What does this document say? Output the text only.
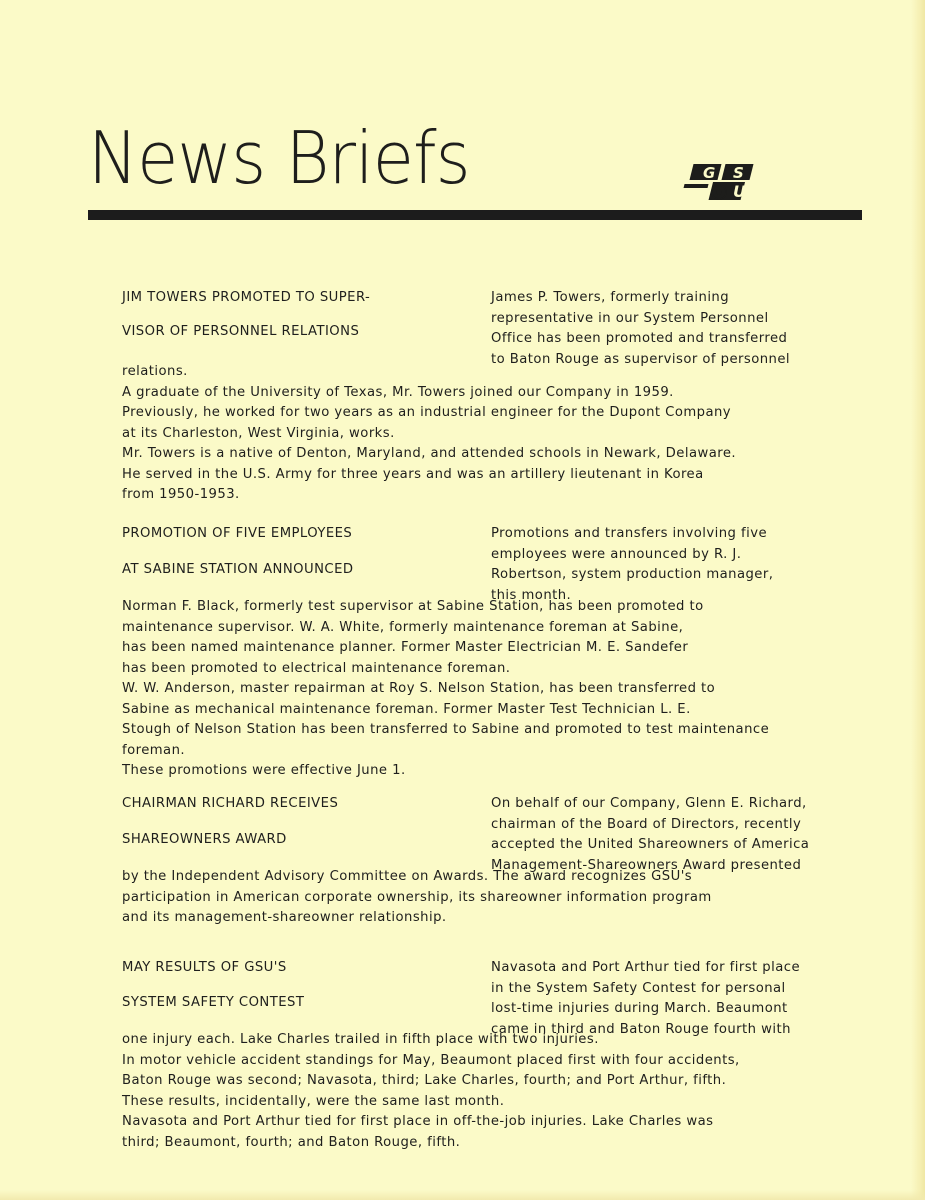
News Briefs	G S
U
JIM TOWERS PROMOTED TO SUPER-
VISOR OF PERSONNEL RELATIONS
James P. Towers, formerly training
representative in our System Personnel
Office has been promoted and transferred
to Baton Rouge as supervisor of personnel
relations.
A graduate of the University of Texas, Mr. Towers joined our Company in 1959.
Previously, he worked for two years as an industrial engineer for the Dupont Company
at its Charleston, West Virginia, works.
Mr. Towers is a native of Denton, Maryland, and attended schools in Newark, Delaware.
He served in the U.S. Army for three years and was an artillery lieutenant in Korea
from 1950-1953.
PROMOTION OF FIVE EMPLOYEES
AT SABINE STATION ANNOUNCED
Promotions and transfers involving five
employees were announced by R. J.
Robertson, system production manager,
this month.
Norman F. Black, formerly test supervisor at Sabine Station, has been promoted to
maintenance supervisor. W. A. White, formerly maintenance foreman at Sabine,
has been named maintenance planner. Former Master Electrician M. E. Sandefer
has been promoted to electrical maintenance foreman.
W. W. Anderson, master repairman at Roy S. Nelson Station, has been transferred to
Sabine as mechanical maintenance foreman. Former Master Test Technician L. E.
Stough of Nelson Station has been transferred to Sabine and promoted to test maintenance
foreman.
These promotions were effective June 1.
CHAIRMAN RICHARD RECEIVES
SHAREOWNERS AWARD
On behalf of our Company, Glenn E. Richard,
chairman of the Board of Directors, recently
accepted the United Shareowners of America
Management-Shareowners Award presented
by the Independent Advisory Committee on Awards. The award recognizes GSU's
participation in American corporate ownership, its shareowner information program
and its management-shareowner relationship.
MAY RESULTS OF GSU'S
SYSTEM SAFETY CONTEST
Navasota and Port Arthur tied for first place
in the System Safety Contest for personal
lost-time injuries during March. Beaumont
came in third and Baton Rouge fourth with
one injury each. Lake Charles trailed in fifth place with two injuries.
In motor vehicle accident standings for May, Beaumont placed first with four accidents,
Baton Rouge was second; Navasota, third; Lake Charles, fourth; and Port Arthur, fifth.
These results, incidentally, were the same last month.
Navasota and Port Arthur tied for first place in off-the-job injuries. Lake Charles was
third; Beaumont, fourth; and Baton Rouge, fifth.
